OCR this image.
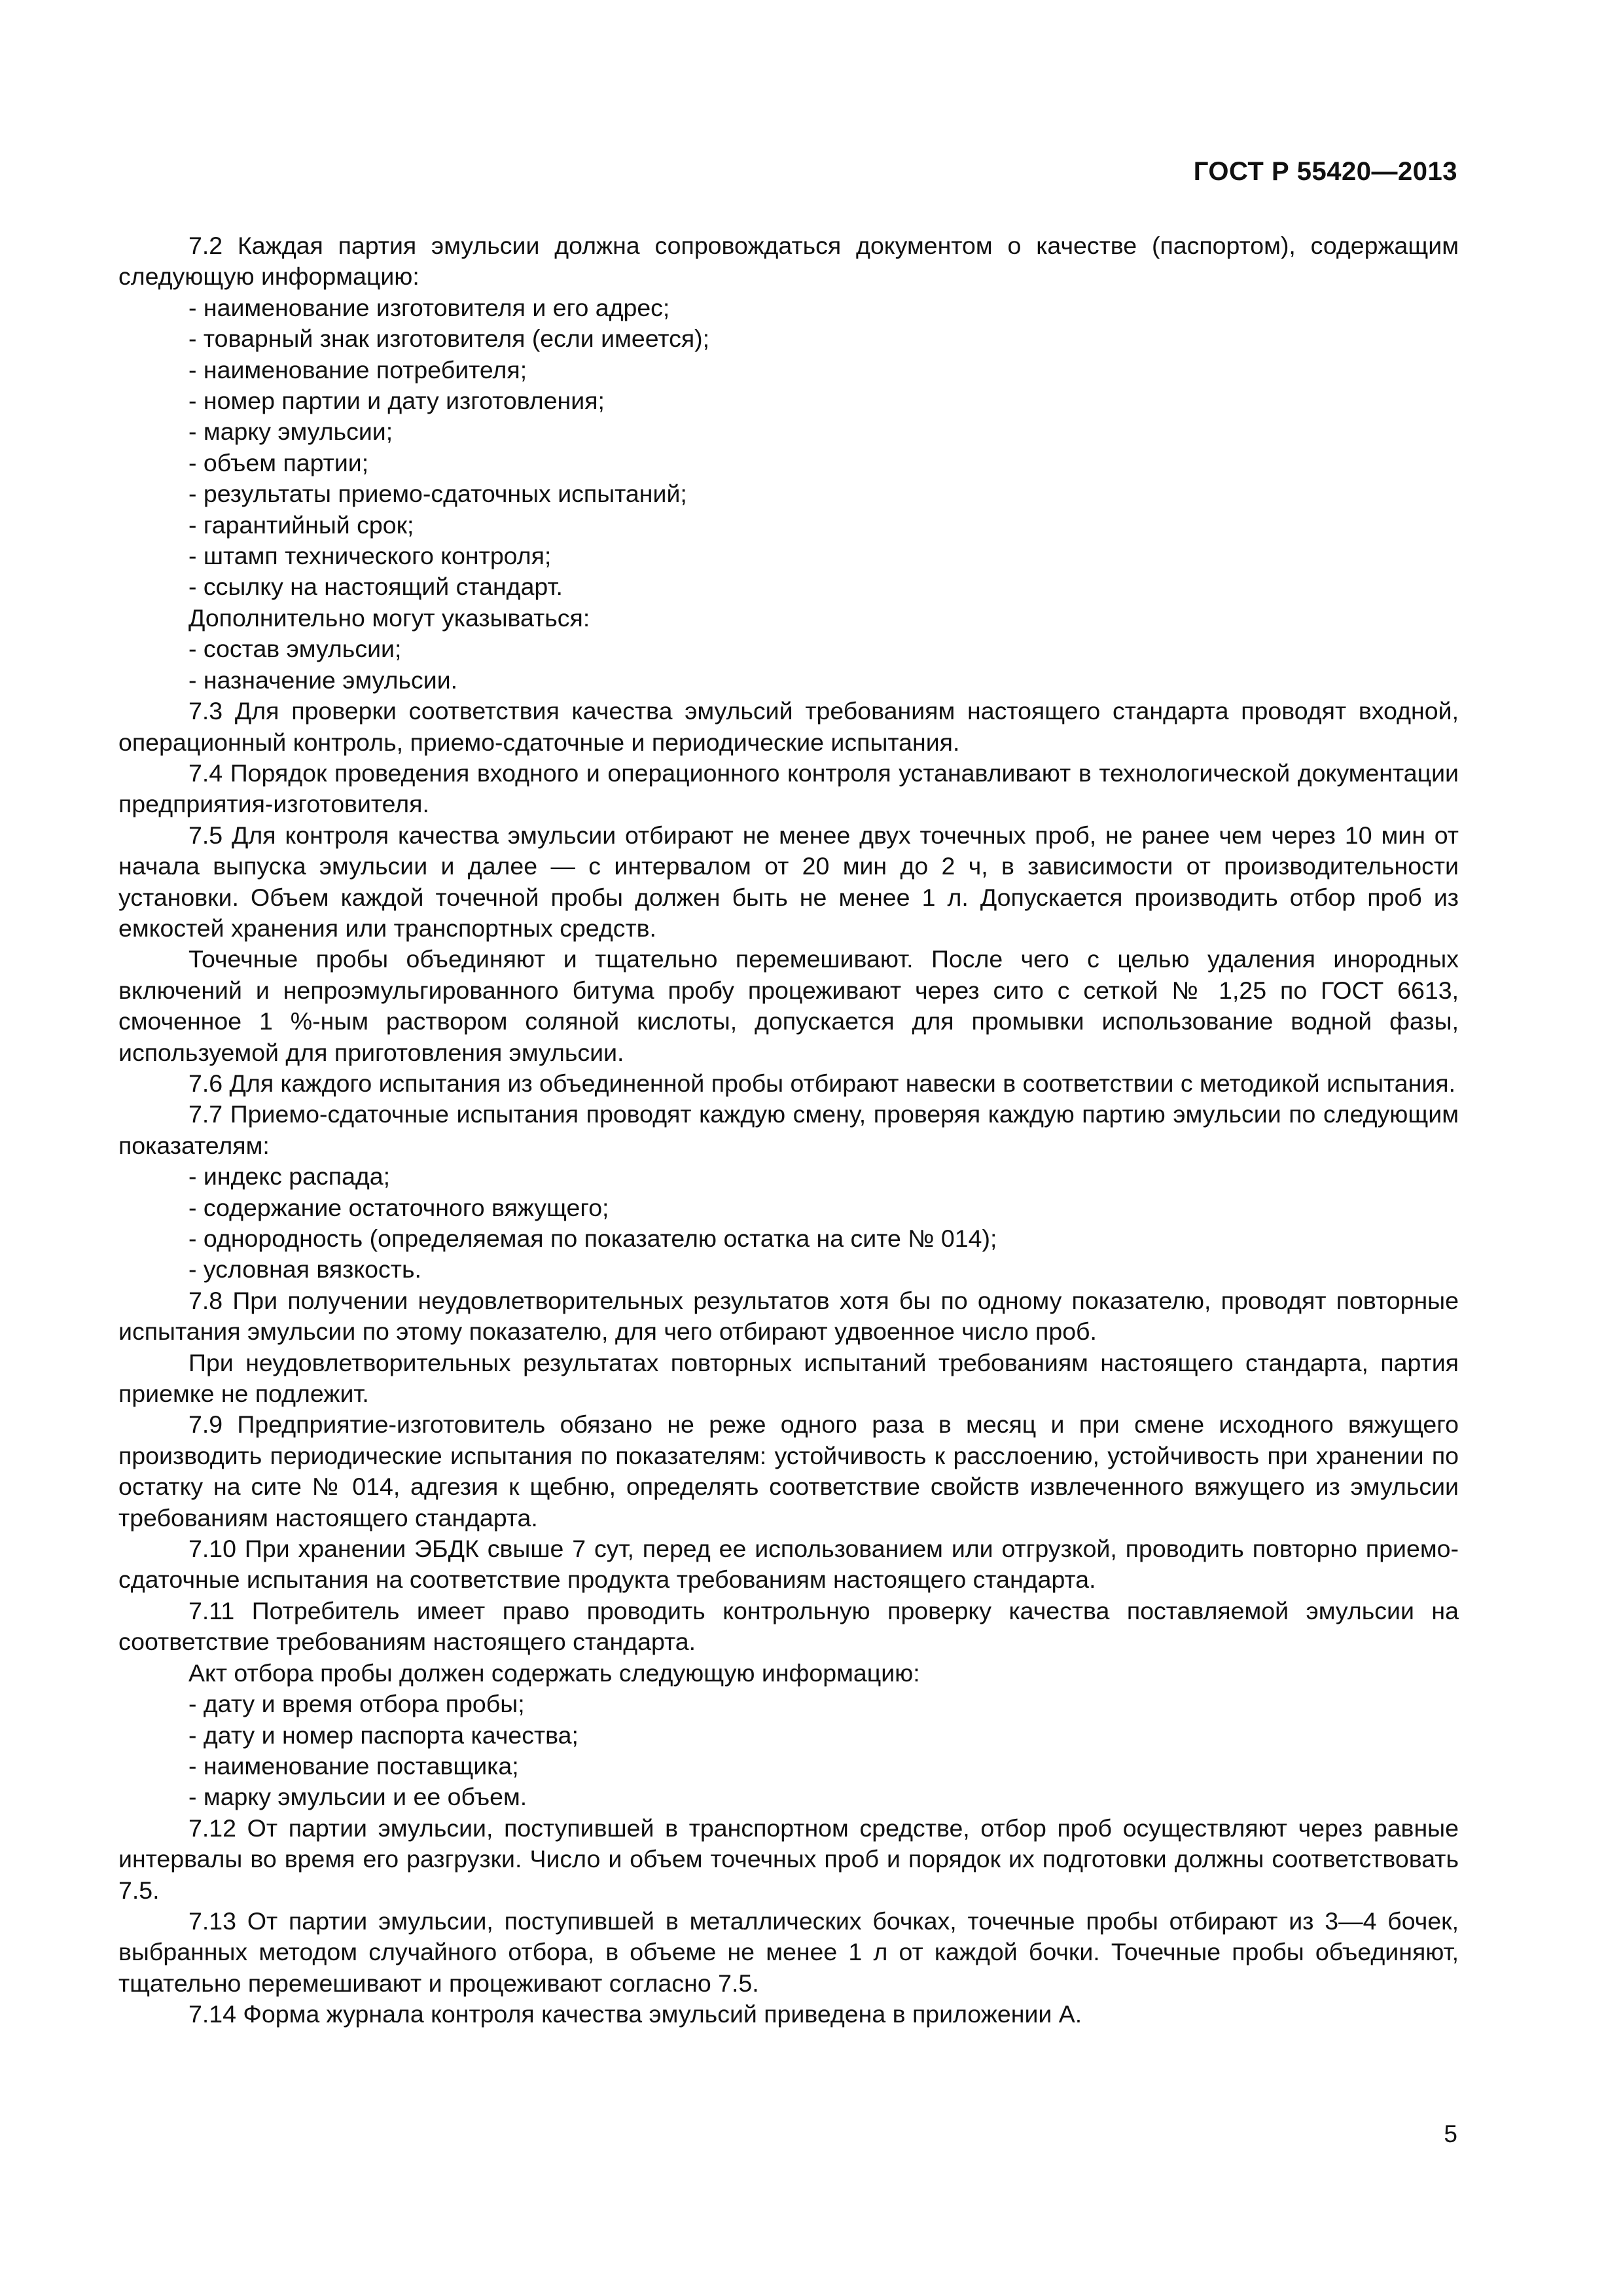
ГОСТ Р 55420—2013

7.2 Каждая партия эмульсии должна сопровождаться документом о качестве (паспортом), содержащим следующую информацию:

- наименование изготовителя и его адрес;

- товарный знак изготовителя (если имеется);

- наименование потребителя;

- номер партии и дату изготовления;

- марку эмульсии;

- объем партии;

- результаты приемо-сдаточных испытаний;

- гарантийный срок;

- штамп технического контроля;

- ссылку на настоящий стандарт.

Дополнительно могут указываться:

- состав эмульсии;

- назначение эмульсии.

7.3 Для проверки соответствия качества эмульсий требованиям настоящего стандарта проводят входной, операционный контроль, приемо-сдаточные и периодические испытания.

7.4 Порядок проведения входного и операционного контроля устанавливают в технологической документации предприятия-изготовителя.

7.5 Для контроля качества эмульсии отбирают не менее двух точечных проб, не ранее чем через 10 мин от начала выпуска эмульсии и далее — с интервалом от 20 мин до 2 ч, в зависимости от производительности установки. Объем каждой точечной пробы должен быть не менее 1 л. Допускается производить отбор проб из емкостей хранения или транспортных средств.

Точечные пробы объединяют и тщательно перемешивают. После чего с целью удаления инородных включений и непроэмульгированного битума пробу процеживают через сито с сеткой № 1,25 по ГОСТ 6613, смоченное 1 %-ным раствором соляной кислоты, допускается для промывки использование водной фазы, используемой для приготовления эмульсии.

7.6 Для каждого испытания из объединенной пробы отбирают навески в соответствии с методикой испытания.

7.7 Приемо-сдаточные испытания проводят каждую смену, проверяя каждую партию эмульсии по следующим показателям:

- индекс распада;

- содержание остаточного вяжущего;

- однородность (определяемая по показателю остатка на сите № 014);

- условная вязкость.

7.8 При получении неудовлетворительных результатов хотя бы по одному показателю, проводят повторные испытания эмульсии по этому показателю, для чего отбирают удвоенное число проб.

При неудовлетворительных результатах повторных испытаний требованиям настоящего стандарта, партия приемке не подлежит.

7.9 Предприятие-изготовитель обязано не реже одного раза в месяц и при смене исходного вяжущего производить периодические испытания по показателям: устойчивость к расслоению, устойчивость при хранении по остатку на сите № 014, адгезия к щебню, определять соответствие свойств извлеченного вяжущего из эмульсии требованиям настоящего стандарта.

7.10 При хранении ЭБДК свыше 7 сут, перед ее использованием или отгрузкой, проводить повторно приемо-сдаточные испытания на соответствие продукта требованиям настоящего стандарта.

7.11 Потребитель имеет право проводить контрольную проверку качества поставляемой эмульсии на соответствие требованиям настоящего стандарта.

Акт отбора пробы должен содержать следующую информацию:

- дату и время отбора пробы;

- дату и номер паспорта качества;

- наименование поставщика;

- марку эмульсии и ее объем.

7.12 От партии эмульсии, поступившей в транспортном средстве, отбор проб осуществляют через равные интервалы во время его разгрузки. Число и объем точечных проб и порядок их подготовки должны соответствовать 7.5.

7.13 От партии эмульсии, поступившей в металлических бочках, точечные пробы отбирают из 3—4 бочек, выбранных методом случайного отбора, в объеме не менее 1 л от каждой бочки. Точечные пробы объединяют, тщательно перемешивают и процеживают согласно 7.5.

7.14 Форма журнала контроля качества эмульсий приведена в приложении А.

5
